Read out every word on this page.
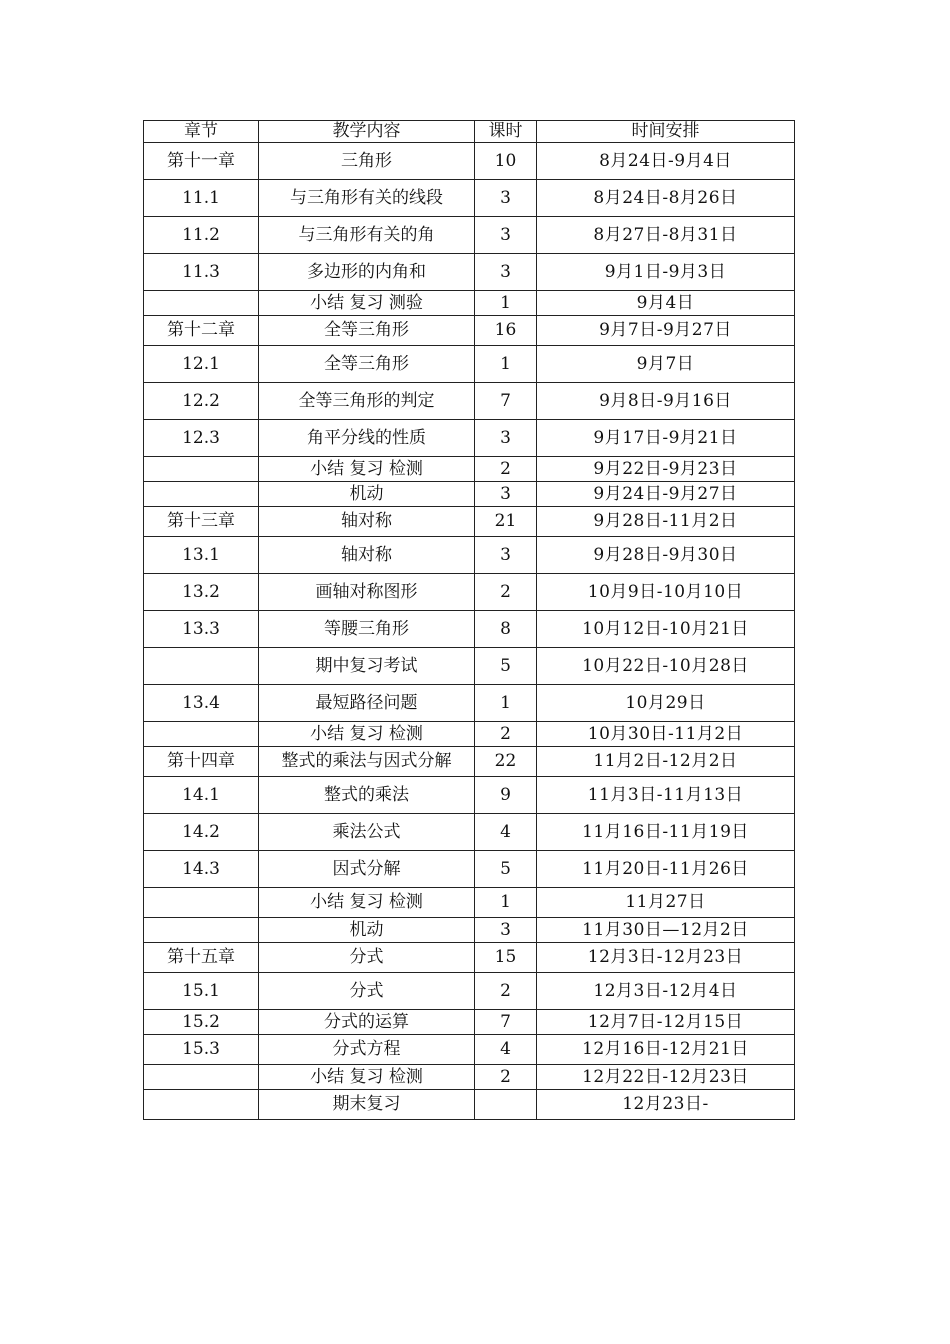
章节	教学内容	课时	时间安排
第十一章	三角形	10	8月24日-9月4日
11.1	与三角形有关的线段	3	8月24日-8月26日
11.2	与三角形有关的角	3	8月27日-8月31日
11.3	多边形的内角和	3	9月1日-9月3日
	小结 复习 测验	1	9月4日
第十二章	全等三角形	16	9月7日-9月27日
12.1	全等三角形	1	9月7日
12.2	全等三角形的判定	7	9月8日-9月16日
12.3	角平分线的性质	3	9月17日-9月21日
	小结 复习 检测	2	9月22日-9月23日
	机动	3	9月24日-9月27日
第十三章	轴对称	21	9月28日-11月2日
13.1	轴对称	3	9月28日-9月30日
13.2	画轴对称图形	2	10月9日-10月10日
13.3	等腰三角形	8	10月12日-10月21日
	期中复习考试	5	10月22日-10月28日
13.4	最短路径问题	1	10月29日
	小结 复习 检测	2	10月30日-11月2日
第十四章	整式的乘法与因式分解	22	11月2日-12月2日
14.1	整式的乘法	9	11月3日-11月13日
14.2	乘法公式	4	11月16日-11月19日
14.3	因式分解	5	11月20日-11月26日
	小结 复习 检测	1	11月27日
	机动	3	11月30日—12月2日
第十五章	分式	15	12月3日-12月23日
15.1	分式	2	12月3日-12月4日
15.2	分式的运算	7	12月7日-12月15日
15.3	分式方程	4	12月16日-12月21日
	小结 复习 检测	2	12月22日-12月23日
	期末复习		12月23日-
